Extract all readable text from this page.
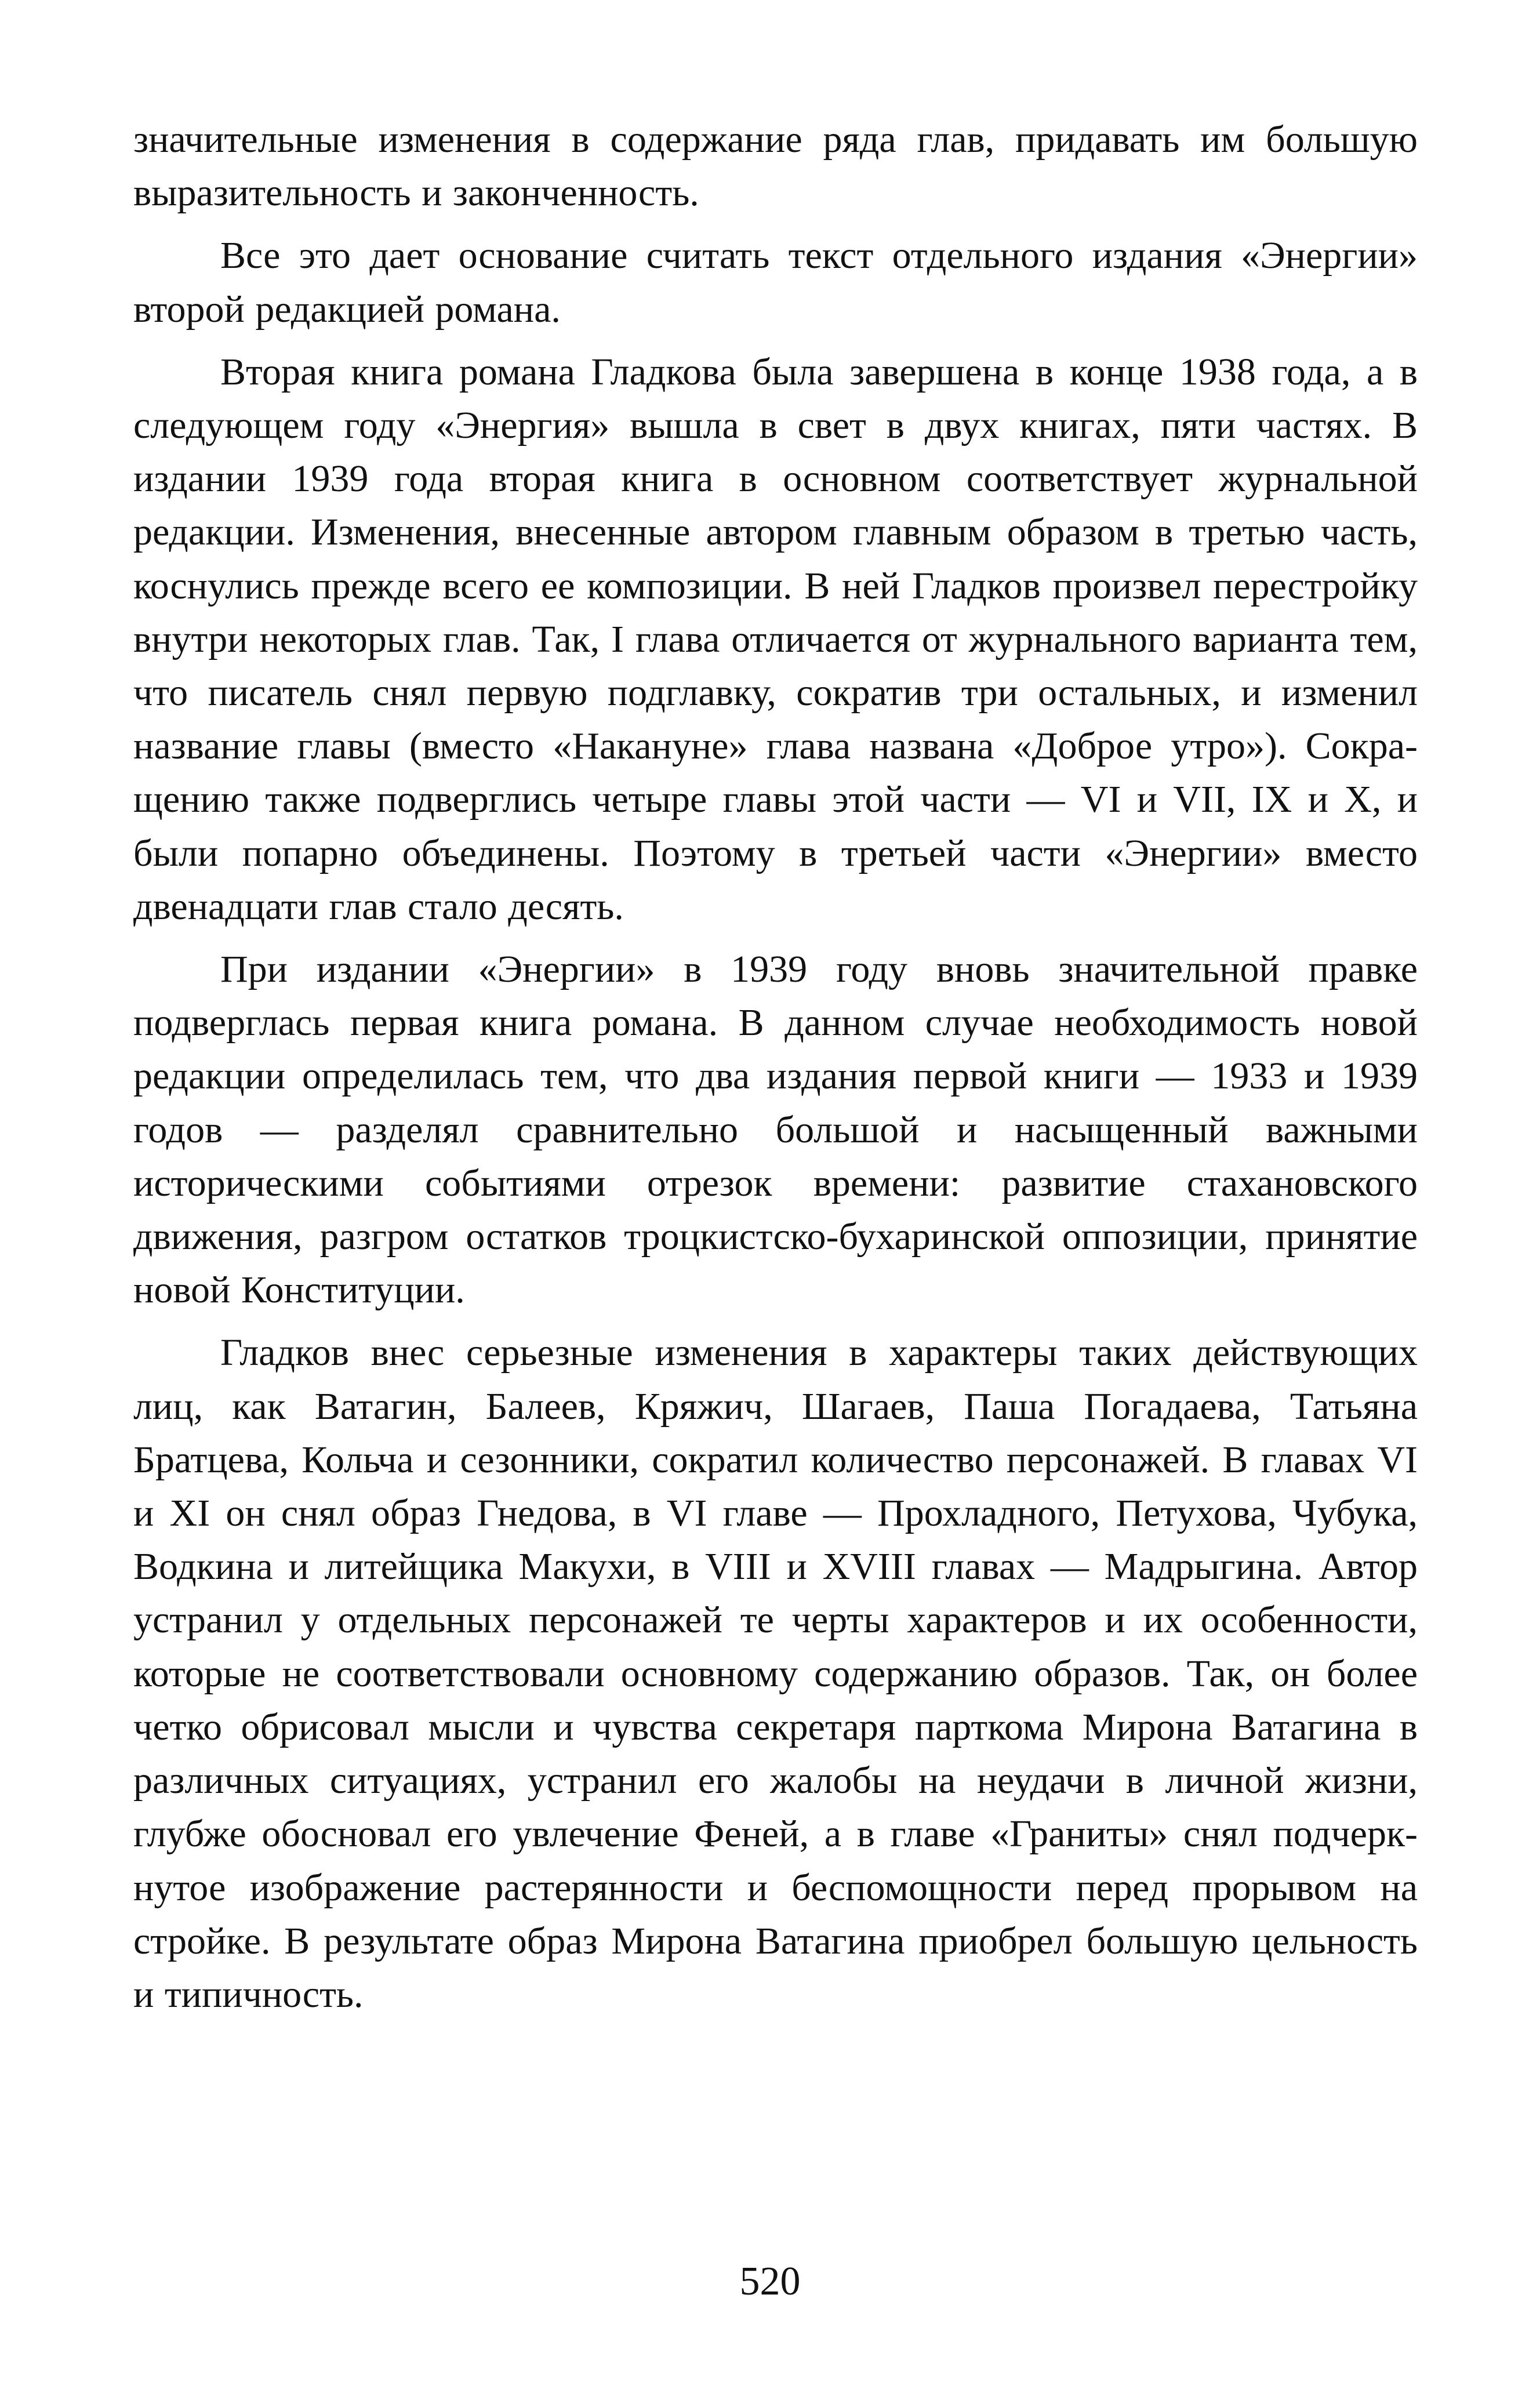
значительные изменения в содержание ряда глав, придавать им большую выразительность и законченность.

Все это дает основание считать текст отдельного издания «Энергии» второй редакцией романа.

Вторая книга романа Гладкова была завершена в конце 1938 года, а в следующем году «Энергия» вышла в свет в двух книгах, пяти частях. В издании 1939 года вторая книга в основном соответствует журнальной редакции. Изменения, внесенные автором главным образом в третью часть, коснулись прежде всего ее композиции. В ней Гладков произвел перестройку внутри некоторых глав. Так, I глава отличается от журнального варианта тем, что писатель снял первую подглавку, сократив три остальных, и изменил название главы (вместо «Накануне» глава названа «Доброе утро»). Сокращению также подверглись четыре главы этой части — VI и VII, IX и X, и были попарно объединены. Поэтому в третьей части «Энергии» вместо двенадцати глав стало десять.

При издании «Энергии» в 1939 году вновь значительной правке подверглась первая книга романа. В данном случае необходимость новой редакции определилась тем, что два издания первой книги — 1933 и 1939 годов — разделял сравнительно большой и насыщенный важными историческими событиями отрезок времени: развитие стахановского движения, разгром остатков троцкистско-бухаринской оппозиции, принятие новой Конституции.

Гладков внес серьезные изменения в характеры таких действующих лиц, как Ватагин, Балеев, Кряжич, Шагаев, Паша Погадаева, Татьяна Братцева, Кольча и сезонники, сократил количество персонажей. В главах VI и XI он снял образ Гнедова, в VI главе — Прохладного, Петухова, Чубука, Водкина и литейщика Макухи, в VIII и XVIII главах — Мадрыгина. Автор устранил у отдельных персонажей те черты характеров и их особенности, которые не соответствовали основному содержанию образов. Так, он более четко обрисовал мысли и чувства секретаря парткома Мирона Ватагина в различных ситуациях, устранил его жалобы на неудачи в личной жизни, глубже обосновал его увлечение Феней, а в главе «Граниты» снял подчеркнутое изображение растерянности и беспомощности перед прорывом на стройке. В результате образ Мирона Ватагина приобрел большую цельность и типичность.

520
